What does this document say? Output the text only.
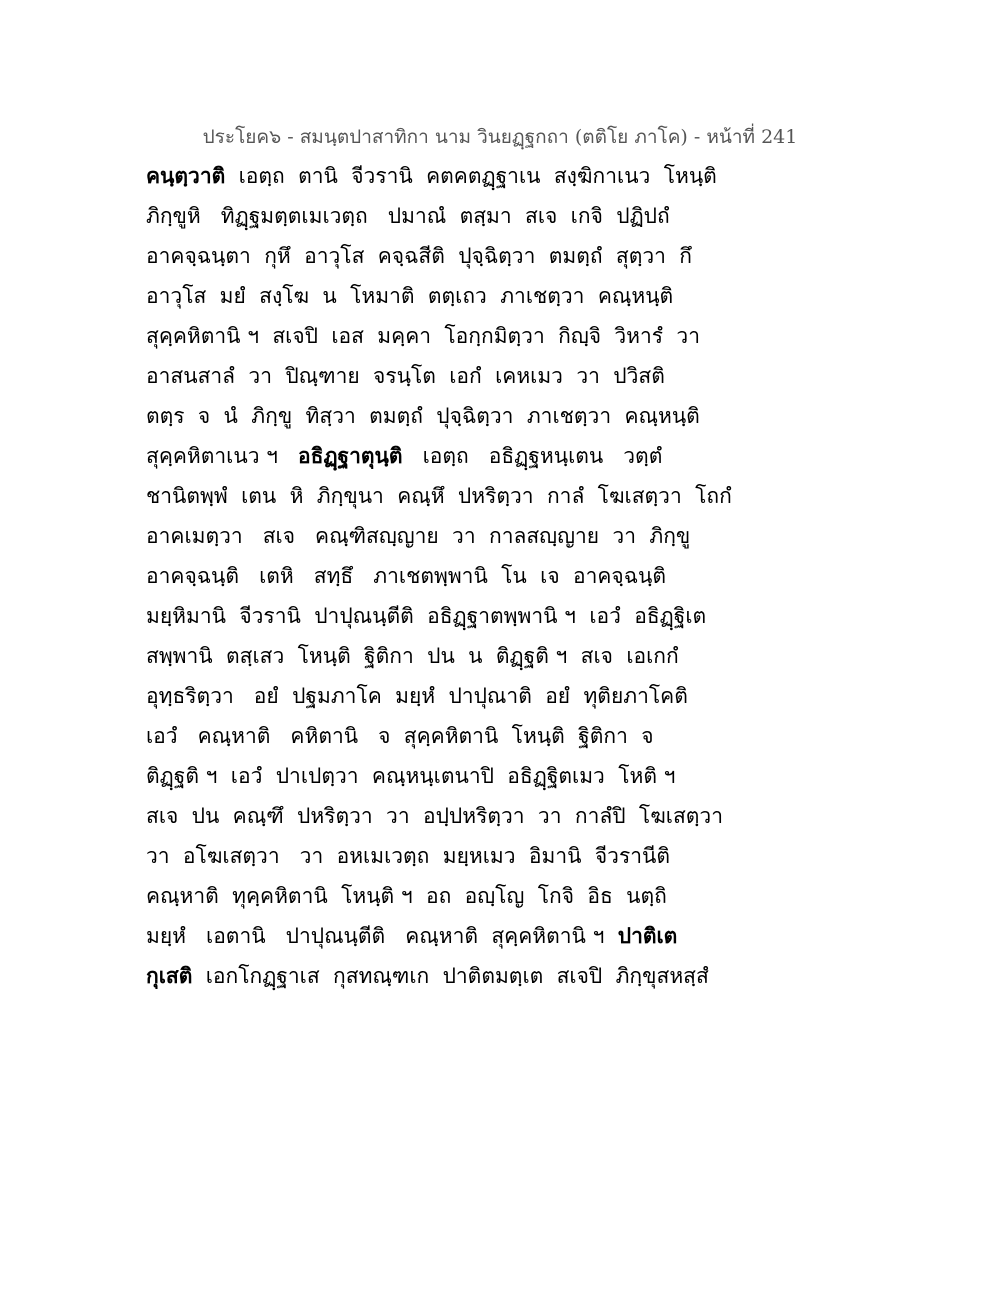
ประโยค๖ - สมนฺตปาสาทิกา นาม วินยฏฺฐกถา (ตติโย ภาโค) - หน้าที่ 241
คนฺตฺวาติ  เอตฺถ  ตานิ  จีวรานิ  คตคตฏฺฐาเน  สงฺฆิกาเนว  โหนฺติ
ภิกฺขูหิ   ทิฏฺฐมตฺตเมเวตฺถ   ปมาณํ  ตสฺมา  สเจ  เกจิ  ปฏิปถํ
อาคจฺฉนฺตา  กุหึ  อาวุโส  คจฺฉสีติ  ปุจฺฉิตฺวา  ตมตฺถํ  สุตฺวา  กึ
อาวุโส  มยํ  สงฺโฆ  น  โหมาติ  ตตฺเถว  ภาเชตฺวา  คณฺหนฺติ
สุคฺคหิตานิ ฯ  สเจปิ  เอส  มคฺคา  โอกฺกมิตฺวา  กิญฺจิ  วิหารํ  วา
อาสนสาลํ  วา  ปิณฺฑาย  จรนฺโต  เอกํ  เคหเมว  วา  ปวิสติ
ตตฺร  จ  นํ  ภิกฺขู  ทิสฺวา  ตมตฺถํ  ปุจฺฉิตฺวา  ภาเชตฺวา  คณฺหนฺติ
สุคฺคหิตาเนว ฯ   อธิฏฺฐาตุนฺติ   เอตฺถ   อธิฏฺฐหนฺเตน   วตฺตํ
ชานิตพฺพํ  เตน  หิ  ภิกฺขุนา  คณฺหึ  ปหริตฺวา  กาลํ  โฆเสตฺวา  โถกํ
อาคเมตฺวา   สเจ   คณฺฑิสญฺญาย  วา  กาลสญฺญาย  วา  ภิกฺขู
อาคจฺฉนฺติ   เตหิ   สทฺธึ   ภาเชตพฺพานิ  โน  เจ  อาคจฺฉนฺติ
มยฺหิมานิ  จีวรานิ  ปาปุณนฺตีติ  อธิฏฺฐาตพฺพานิ ฯ  เอวํ  อธิฏฺฐิเต
สพฺพานิ  ตสฺเสว  โหนฺติ  ฐิติกา  ปน  น  ติฏฺฐติ ฯ  สเจ  เอเกกํ
อุทฺธริตฺวา   อยํ  ปฐมภาโค  มยฺหํ  ปาปุณาติ  อยํ  ทุติยภาโคติ
เอวํ   คณฺหาติ   คหิตานิ   จ  สุคฺคหิตานิ  โหนฺติ  ฐิติกา  จ
ติฏฺฐติ ฯ  เอวํ  ปาเปตฺวา  คณฺหนฺเตนาปิ  อธิฏฺฐิตเมว  โหติ ฯ
สเจ  ปน  คณฺฑึ  ปหริตฺวา  วา  อปฺปหริตฺวา  วา  กาลํปิ  โฆเสตฺวา
วา  อโฆเสตฺวา   วา  อหเมเวตฺถ  มยฺหเมว  อิมานิ  จีวรานีติ
คณฺหาติ  ทุคฺคหิตานิ  โหนฺติ ฯ  อถ  อญฺโญ  โกจิ  อิธ  นตฺถิ
มยฺหํ   เอตานิ   ปาปุณนฺตีติ   คณฺหาติ  สุคฺคหิตานิ ฯ  ปาติเต
กุเสติ  เอกโกฏฺฐาเส  กุสทณฺฑเก  ปาติตมตฺเต  สเจปิ  ภิกฺขุสหสฺสํ
